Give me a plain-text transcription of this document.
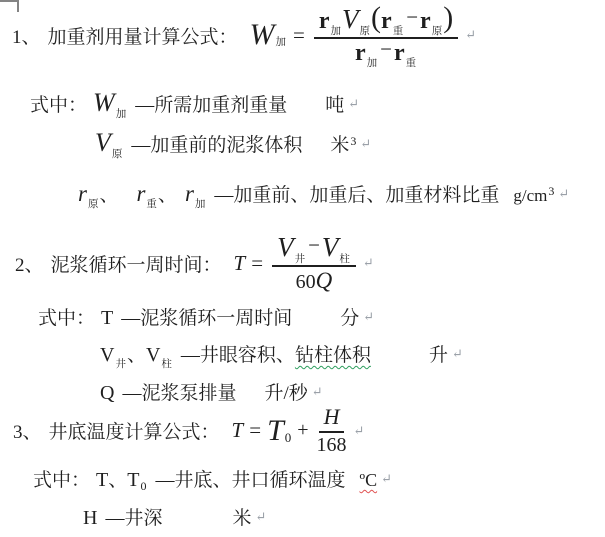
1、 加重剂用量计算公式： W 加 =
r 加 V 原 ( r 重
− r 原 )
r 加
− r 重
↵
式中： W 加 —所需加重剂重量 吨 ↵
V 原 —加重前的泥浆体积 米 3 ↵
r 原 、 r 重 、 r 加 —加重前、加重后、加重材料比重 g/cm 3 ↵
2、 泥浆循环一周时间： T = V 井
− V 柱
60 Q ↵
式中： T —泥浆循环一周时间	分 ↵
V 井 、 V 柱 —井眼容积、 钻柱体积	升 ↵
Q —泥浆泵排量 升/秒 ↵
3、 井底温度计算公式： T = T $0 + \frac{H}{168}$ ↵
式中： T 、 T 0 —井底、井口循环温度 ºC ↵
H —井深	米 ↵
